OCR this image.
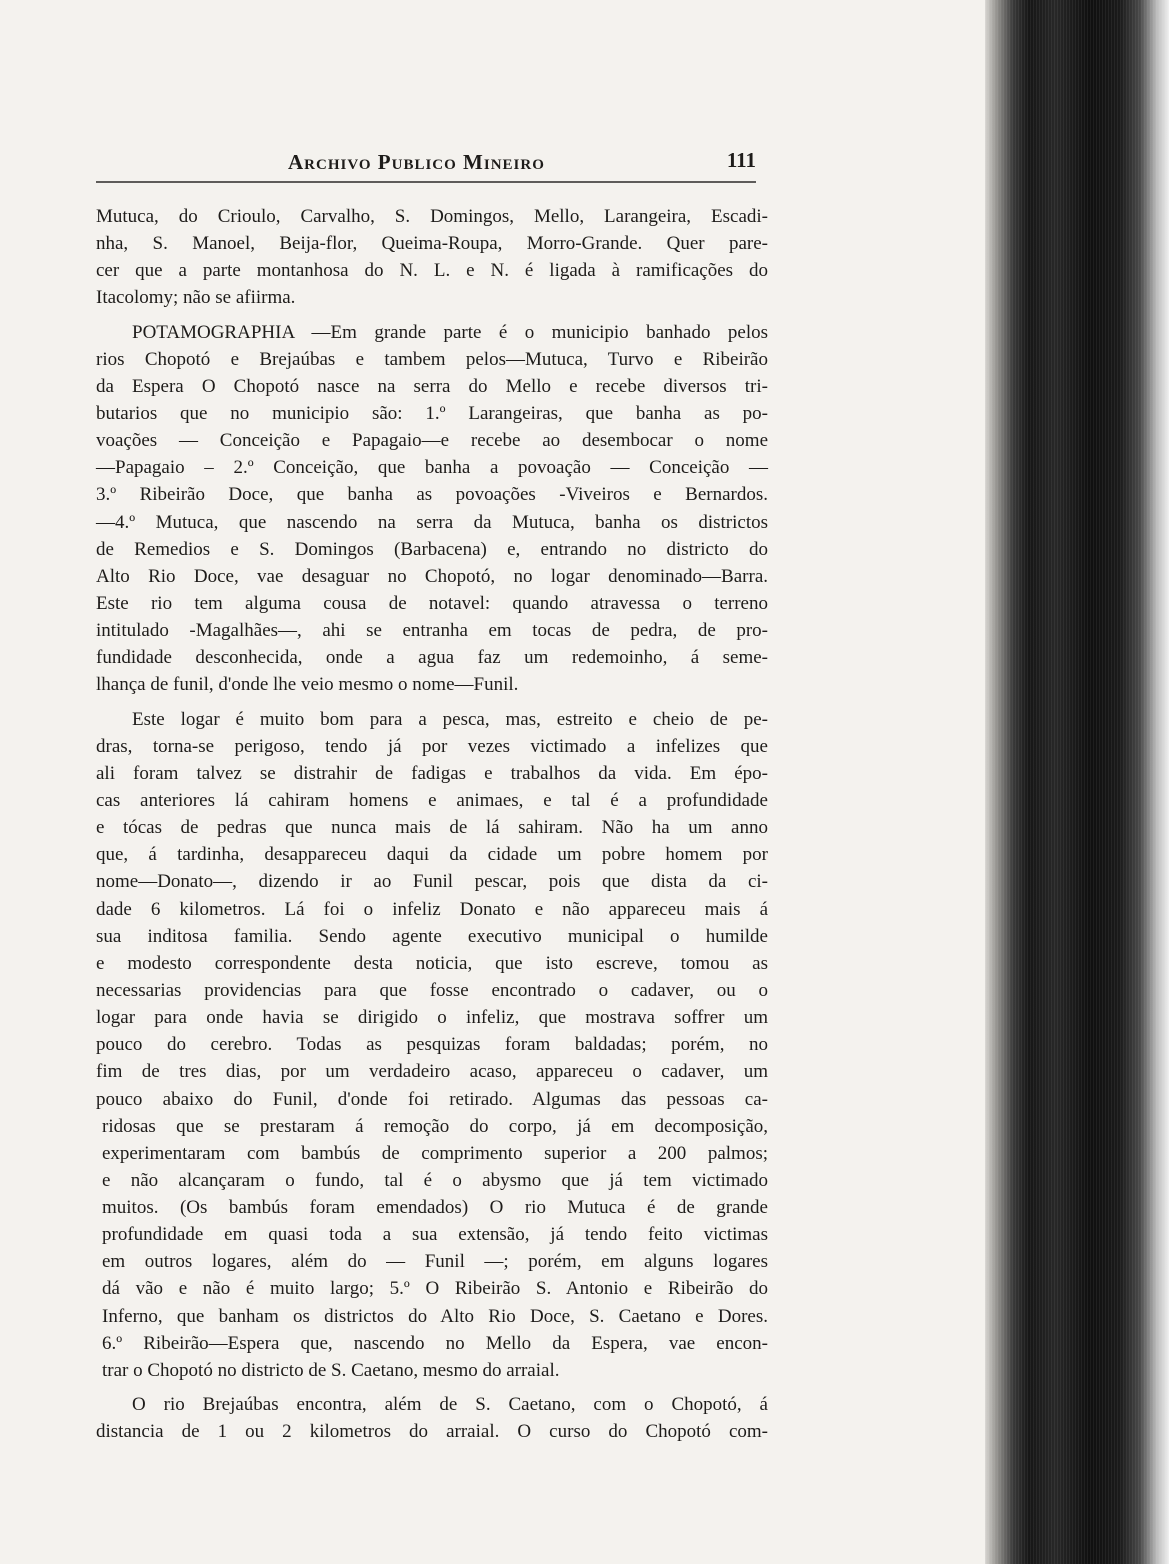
Archivo Publico Mineiro	111
Mutuca, do Crioulo, Carvalho, S. Domingos, Mello, Larangeira, Escadi-
nha, S. Manoel, Beija-flor, Queima-Roupa, Morro-Grande. Quer pare-
cer que a parte montanhosa do N. L. e N. é ligada à ramificações do
Itacolomy; não se afiirma.
POTAMOGRAPHIA —Em grande parte é o municipio banhado pelos
rios Chopotó e Brejaúbas e tambem pelos—Mutuca, Turvo e Ribeirão
da Espera O Chopotó nasce na serra do Mello e recebe diversos tri-
butarios que no municipio são: 1.º Larangeiras, que banha as po-
voações — Conceição e Papagaio—e recebe ao desembocar o nome
—Papagaio – 2.º Conceição, que banha a povoação — Conceição —
3.º Ribeirão Doce, que banha as povoações -Viveiros e Bernardos.
—4.º Mutuca, que nascendo na serra da Mutuca, banha os districtos
de Remedios e S. Domingos (Barbacena) e, entrando no districto do
Alto Rio Doce, vae desaguar no Chopotó, no logar denominado—Barra.
Este rio tem alguma cousa de notavel: quando atravessa o terreno
intitulado -Magalhães—, ahi se entranha em tocas de pedra, de pro-
fundidade desconhecida, onde a agua faz um redemoinho, á seme-
lhança de funil, d'onde lhe veio mesmo o nome—Funil.
Este logar é muito bom para a pesca, mas, estreito e cheio de pe-
dras, torna-se perigoso, tendo já por vezes victimado a infelizes que
ali foram talvez se distrahir de fadigas e trabalhos da vida. Em épo-
cas anteriores lá cahiram homens e animaes, e tal é a profundidade
e tócas de pedras que nunca mais de lá sahiram. Não ha um anno
que, á tardinha, desappareceu daqui da cidade um pobre homem por
nome—Donato—, dizendo ir ao Funil pescar, pois que dista da ci-
dade 6 kilometros. Lá foi o infeliz Donato e não appareceu mais á
sua inditosa familia. Sendo agente executivo municipal o humilde
e modesto correspondente desta noticia, que isto escreve, tomou as
necessarias providencias para que fosse encontrado o cadaver, ou o
logar para onde havia se dirigido o infeliz, que mostrava soffrer um
pouco do cerebro. Todas as pesquizas foram baldadas; porém, no
fim de tres dias, por um verdadeiro acaso, appareceu o cadaver, um
pouco abaixo do Funil, d'onde foi retirado. Algumas das pessoas ca-
ridosas que se prestaram á remoção do corpo, já em decomposição,
experimentaram com bambús de comprimento superior a 200 palmos;
e não alcançaram o fundo, tal é o abysmo que já tem victimado
muitos. (Os bambús foram emendados) O rio Mutuca é de grande
profundidade em quasi toda a sua extensão, já tendo feito victimas
em outros logares, além do — Funil —; porém, em alguns logares
dá vão e não é muito largo; 5.º O Ribeirão S. Antonio e Ribeirão do
Inferno, que banham os districtos do Alto Rio Doce, S. Caetano e Dores.
6.º Ribeirão—Espera que, nascendo no Mello da Espera, vae encon-
trar o Chopotó no districto de S. Caetano, mesmo do arraial.
O rio Brejaúbas encontra, além de S. Caetano, com o Chopotó, á
distancia de 1 ou 2 kilometros do arraial. O curso do Chopotó com-
